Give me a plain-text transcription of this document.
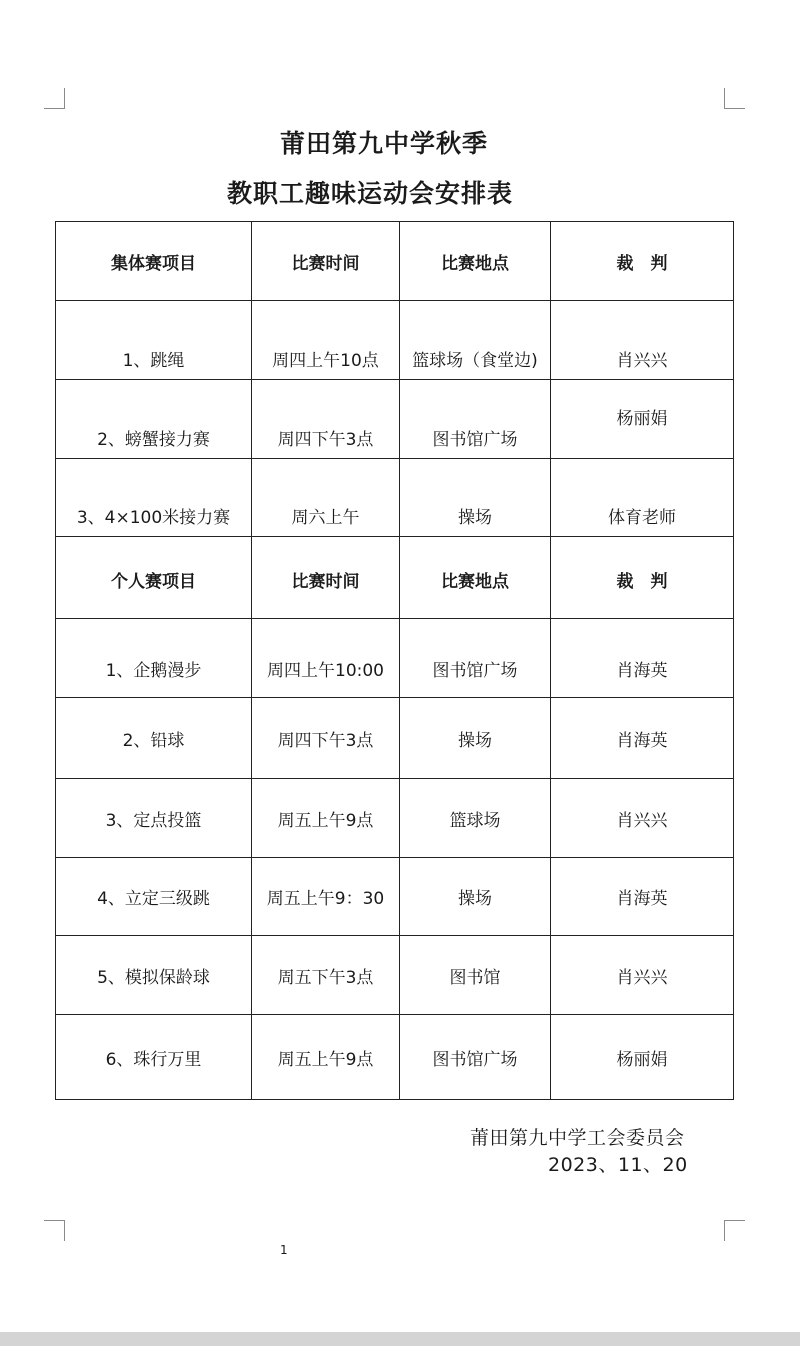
莆田第九中学秋季
教职工趣味运动会安排表
集体赛项目	比赛时间	比赛地点	裁　判
1、跳绳	周四上午10点	篮球场（食堂边)	肖兴兴
2、螃蟹接力赛	周四下午3点	图书馆广场	杨丽娟
3、4×100米接力赛	周六上午	操场	体育老师
个人赛项目	比赛时间	比赛地点	裁　判
1、企鹅漫步	周四上午10:00	图书馆广场	肖海英
2、铅球	周四下午3点	操场	肖海英
3、定点投篮	周五上午9点	篮球场	肖兴兴
4、立定三级跳	周五上午9：30	操场	肖海英
5、模拟保龄球	周五下午3点	图书馆	肖兴兴
6、珠行万里	周五上午9点	图书馆广场	杨丽娟
莆田第九中学工会委员会
2023、11、20
1
